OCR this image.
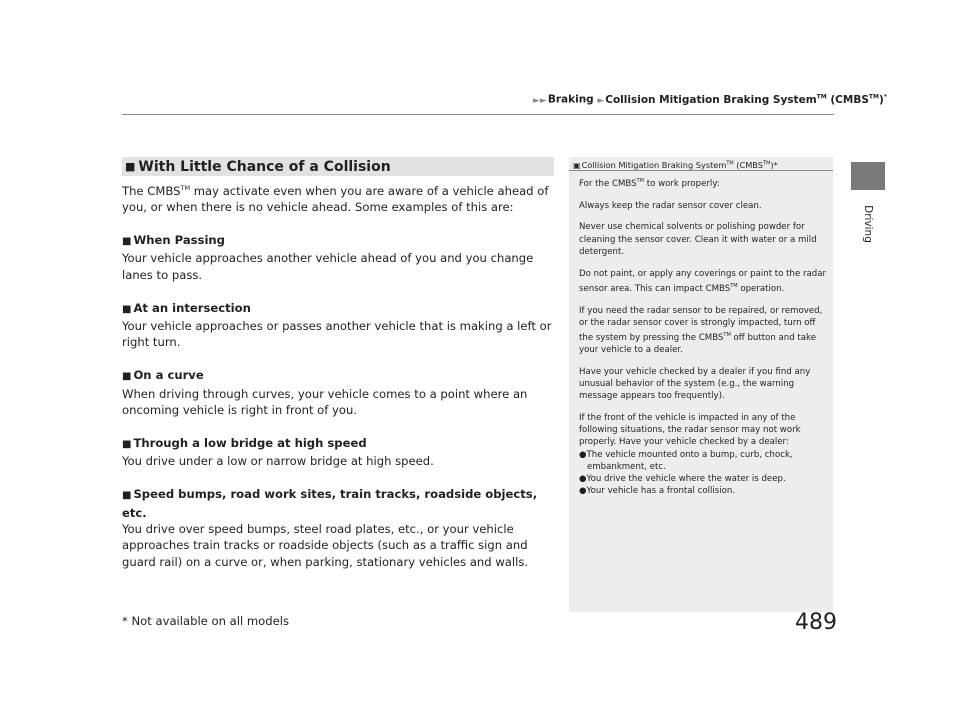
►►Braking ►Collision Mitigation Braking System™ (CMBS™)*
Driving
■ With Little Chance of a Collision

The CMBS™ may activate even when you are aware of a vehicle ahead of you, or when there is no vehicle ahead. Some examples of this are:

■ When Passing

Your vehicle approaches another vehicle ahead of you and you change lanes to pass.

■ At an intersection

Your vehicle approaches or passes another vehicle that is making a left or right turn.

■ On a curve

When driving through curves, your vehicle comes to a point where an oncoming vehicle is right in front of you.

■ Through a low bridge at high speed

You drive under a low or narrow bridge at high speed.

■ Speed bumps, road work sites, train tracks, roadside objects, etc.

You drive over speed bumps, steel road plates, etc., or your vehicle approaches train tracks or roadside objects (such as a traffic sign and guard rail) on a curve or, when parking, stationary vehicles and walls.

▣Collision Mitigation Braking System™ (CMBS™)*

For the CMBS™ to work properly:

Always keep the radar sensor cover clean.

Never use chemical solvents or polishing powder for cleaning the sensor cover. Clean it with water or a mild detergent.

Do not paint, or apply any coverings or paint to the radar sensor area. This can impact CMBS™ operation.

If you need the radar sensor to be repaired, or removed, or the radar sensor cover is strongly impacted, turn off the system by pressing the CMBS™ off button and take your vehicle to a dealer.

Have your vehicle checked by a dealer if you find any unusual behavior of the system (e.g., the warning message appears too frequently).

If the front of the vehicle is impacted in any of the following situations, the radar sensor may not work properly. Have your vehicle checked by a dealer:

●The vehicle mounted onto a bump, curb, chock, embankment, etc.

●You drive the vehicle where the water is deep.

●Your vehicle has a frontal collision.

* Not available on all models	489
